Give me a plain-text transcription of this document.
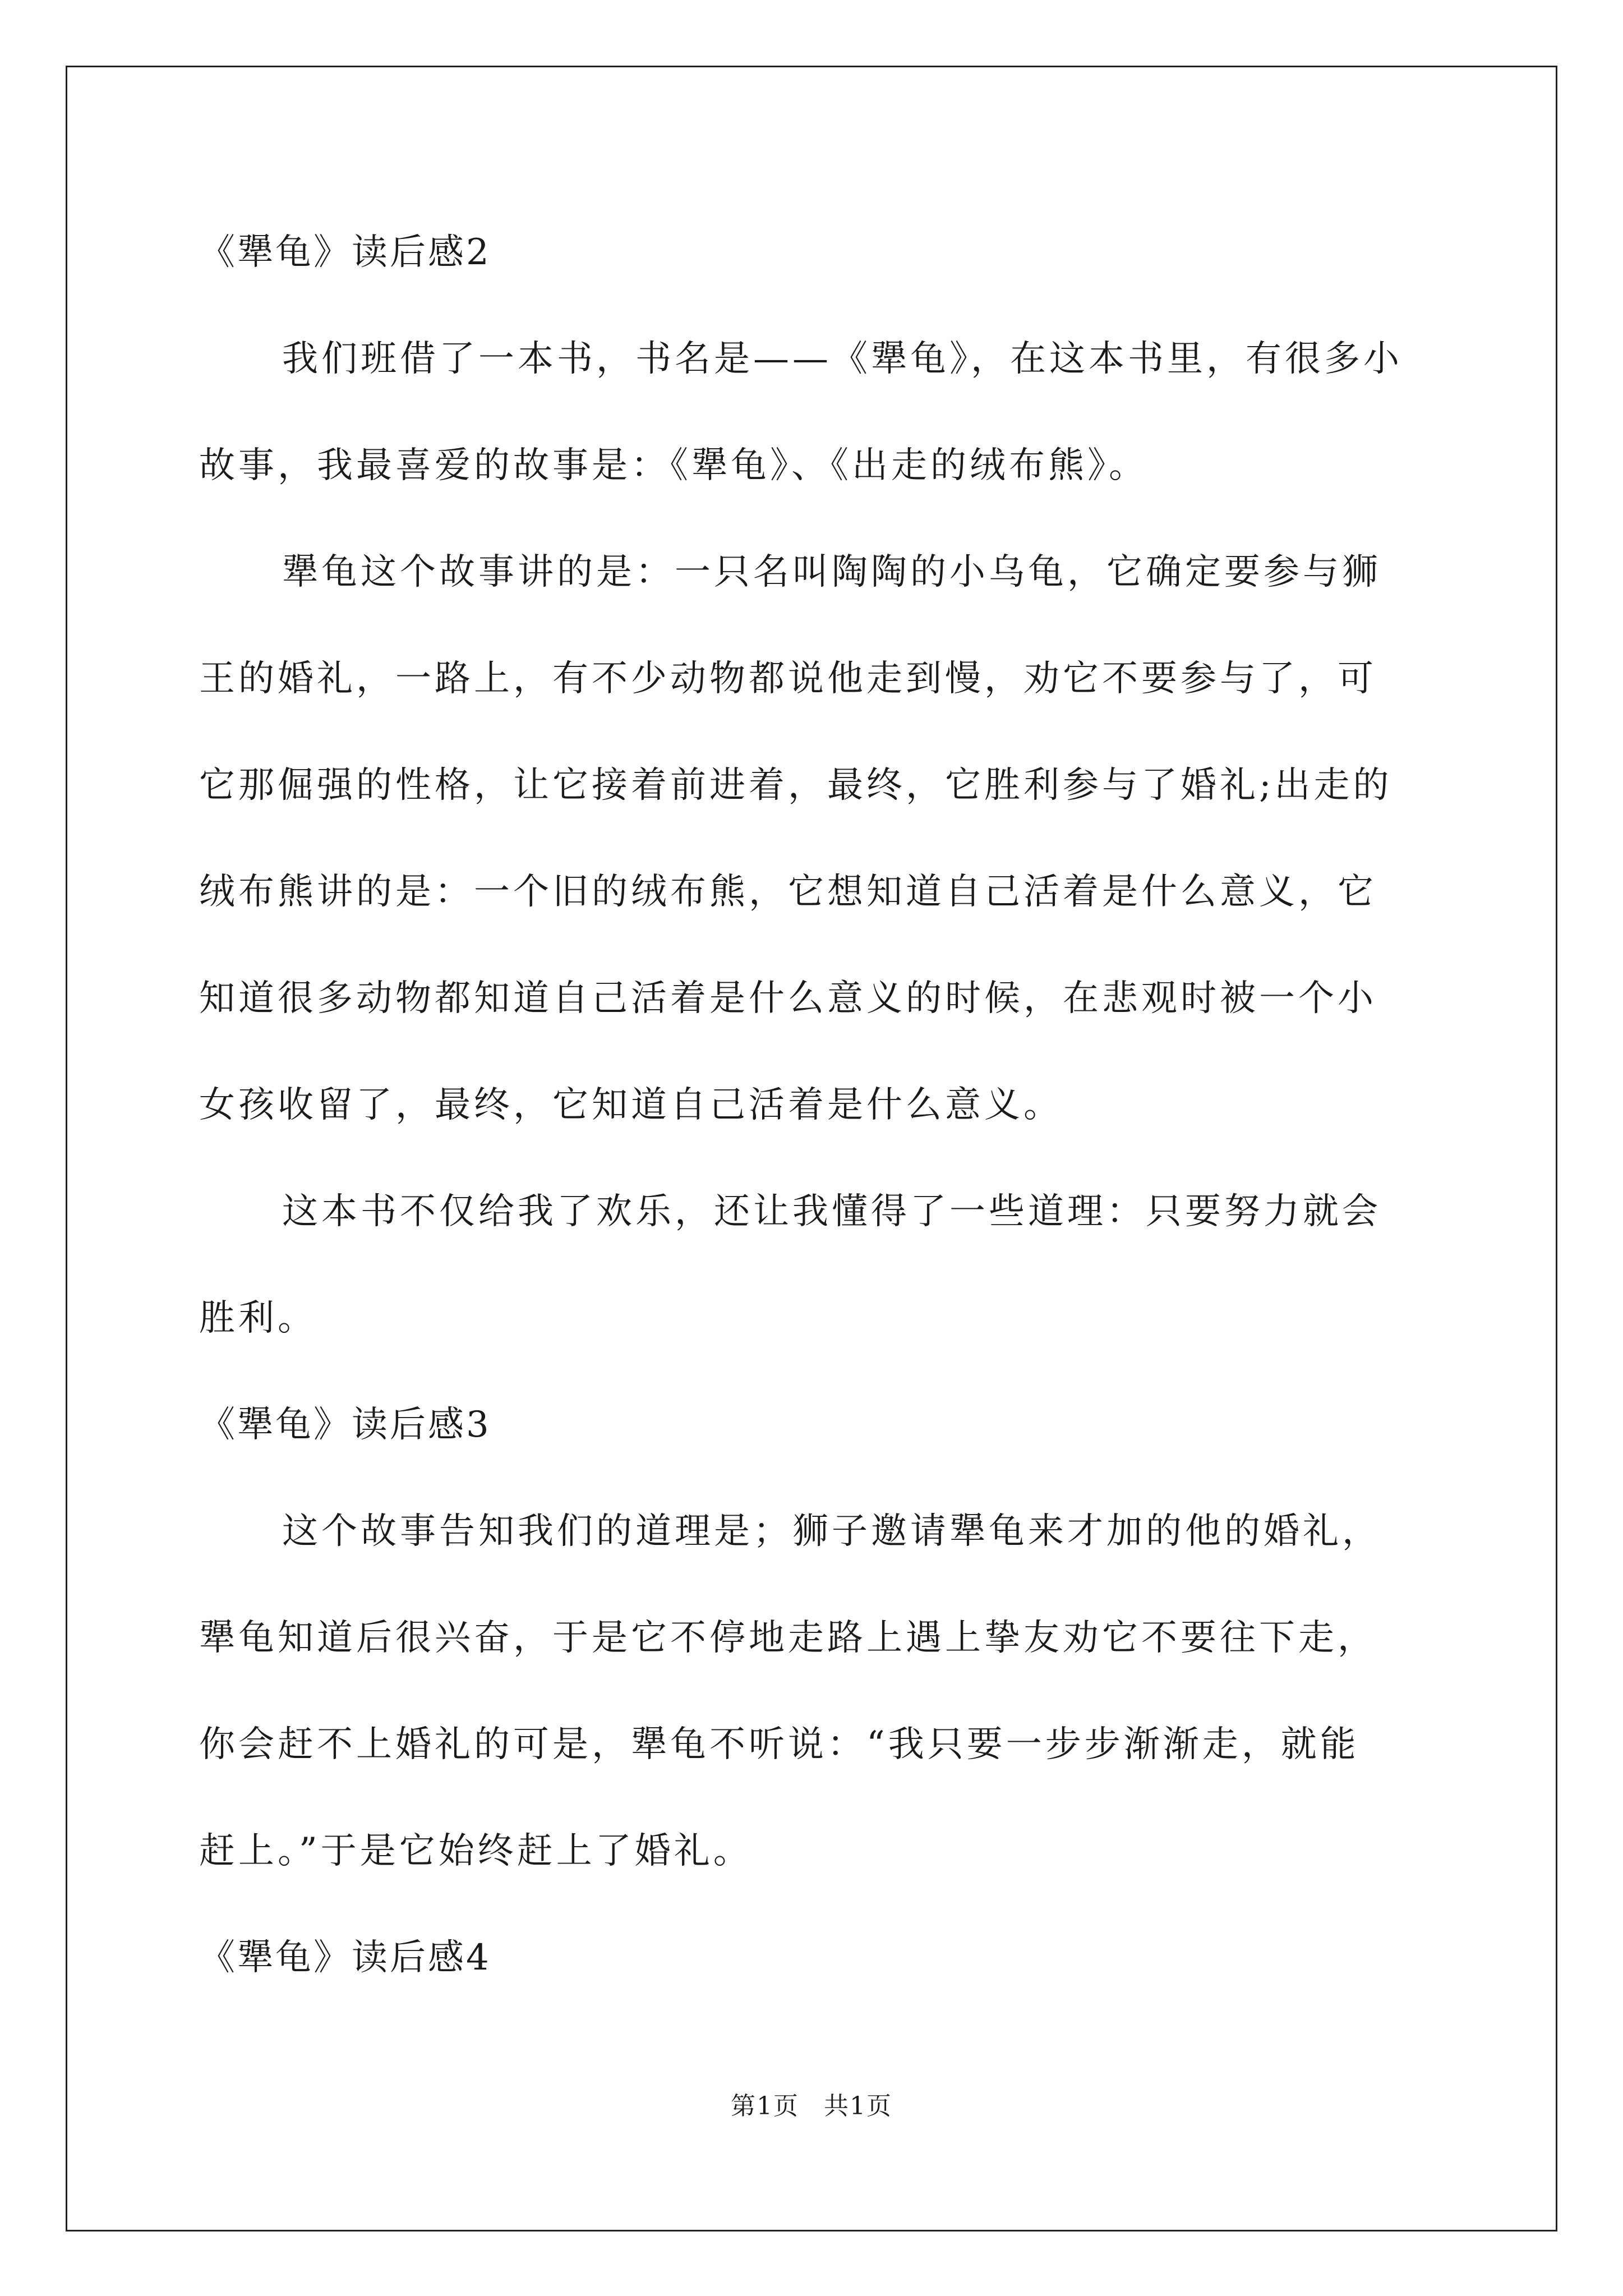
《犟龟》读后感2
我们班借了一本书，书名是——《犟龟》，在这本书里，有很多小
故事，我最喜爱的故事是：《犟龟》、《出走的绒布熊》。
犟龟这个故事讲的是：一只名叫陶陶的小乌龟，它确定要参与狮
王的婚礼，一路上，有不少动物都说他走到慢，劝它不要参与了，可
它那倔强的性格，让它接着前进着，最终，它胜利参与了婚礼;出走的
绒布熊讲的是：一个旧的绒布熊，它想知道自己活着是什么意义，它
知道很多动物都知道自己活着是什么意义的时候，在悲观时被一个小
女孩收留了，最终，它知道自己活着是什么意义。
这本书不仅给我了欢乐，还让我懂得了一些道理：只要努力就会
胜利。
《犟龟》读后感3
这个故事告知我们的道理是；狮子邀请犟龟来才加的他的婚礼，
犟龟知道后很兴奋，于是它不停地走路上遇上挚友劝它不要往下走，
你会赶不上婚礼的可是，犟龟不听说：“我只要一步步渐渐走，就能
赶上。”于是它始终赶上了婚礼。
《犟龟》读后感4
第1页 共1页
